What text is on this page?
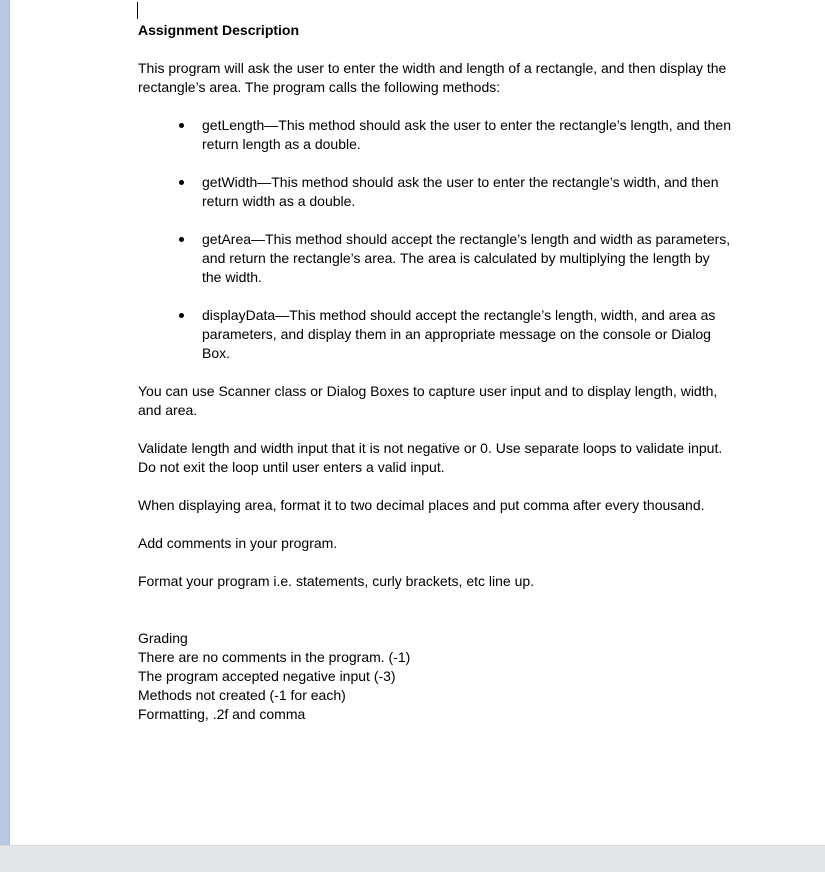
Assignment Description

This program will ask the user to enter the width and length of a rectangle, and then display the rectangle’s area. The program calls the following methods:

getLength—This method should ask the user to enter the rectangle’s length, and then return length as a double.
getWidth—This method should ask the user to enter the rectangle’s width, and then return width as a double.
getArea—This method should accept the rectangle’s length and width as parameters, and return the rectangle’s area. The area is calculated by multiplying the length by the width.
displayData—This method should accept the rectangle’s length, width, and area as parameters, and display them in an appropriate message on the console or Dialog Box.

You can use Scanner class or Dialog Boxes to capture user input and to display length, width, and area.

Validate length and width input that it is not negative or 0. Use separate loops to validate input. Do not exit the loop until user enters a valid input.

When displaying area, format it to two decimal places and put comma after every thousand.

Add comments in your program.

Format your program i.e. statements, curly brackets, etc line up.

Grading

There are no comments in the program. (-1)

The program accepted negative input (-3)

Methods not created (-1 for each)

Formatting, .2f and comma
